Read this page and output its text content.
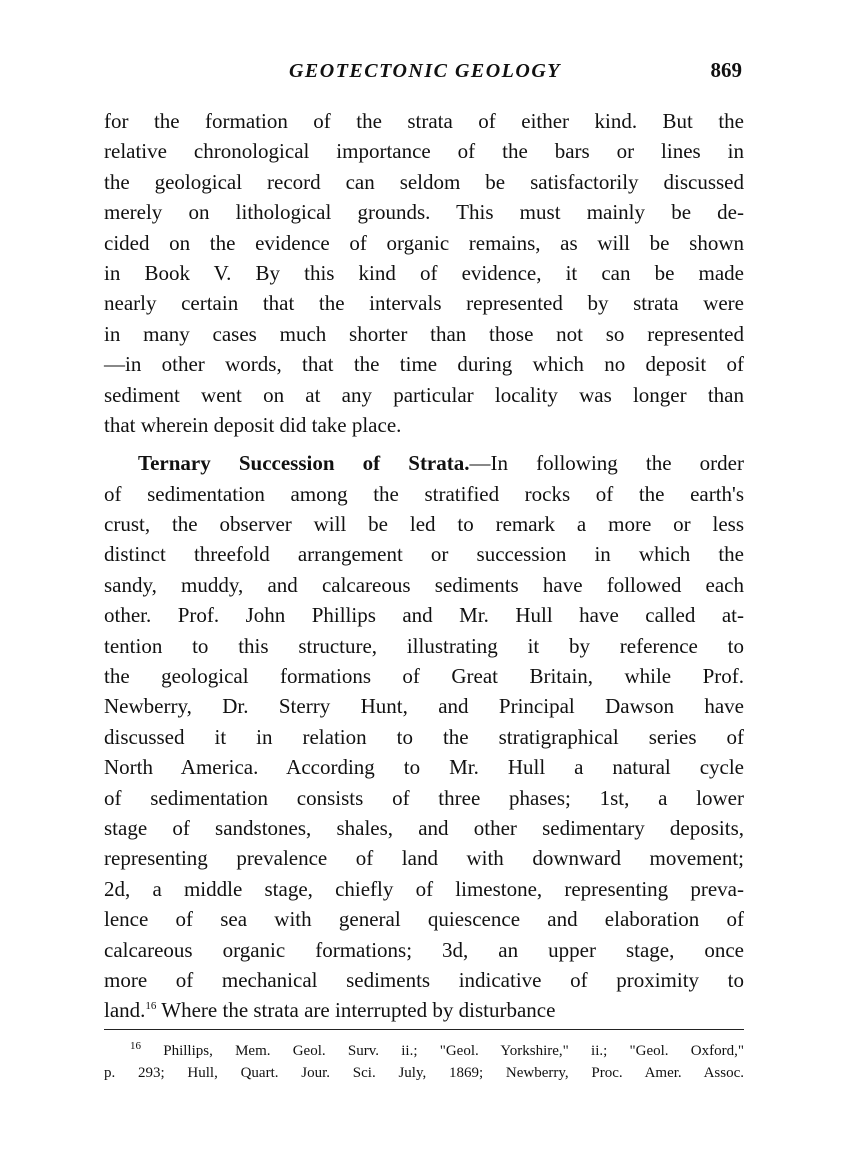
GEOTECTONIC GEOLOGY	869
for the formation of the strata of either kind. But the
relative chronological importance of the bars or lines in
the geological record can seldom be satisfactorily discussed
merely on lithological grounds. This must mainly be de-
cided on the evidence of organic remains, as will be shown
in Book V. By this kind of evidence, it can be made
nearly certain that the intervals represented by strata were
in many cases much shorter than those not so represented
—in other words, that the time during which no deposit of
sediment went on at any particular locality was longer than
that wherein deposit did take place.
Ternary Succession of Strata.—In following the order
of sedimentation among the stratified rocks of the earth's
crust, the observer will be led to remark a more or less
distinct threefold arrangement or succession in which the
sandy, muddy, and calcareous sediments have followed each
other. Prof. John Phillips and Mr. Hull have called at-
tention to this structure, illustrating it by reference to
the geological formations of Great Britain, while Prof.
Newberry, Dr. Sterry Hunt, and Principal Dawson have
discussed it in relation to the stratigraphical series of
North America. According to Mr. Hull a natural cycle
of sedimentation consists of three phases; 1st, a lower
stage of sandstones, shales, and other sedimentary deposits,
representing prevalence of land with downward movement;
2d, a middle stage, chiefly of limestone, representing preva-
lence of sea with general quiescence and elaboration of
calcareous organic formations; 3d, an upper stage, once
more of mechanical sediments indicative of proximity to
land.$^{16}$ Where the strata are interrupted by disturbance
$^{16}$ Phillips, Mem. Geol. Surv. ii.; "Geol. Yorkshire," ii.; "Geol. Oxford,"
p. 293; Hull, Quart. Jour. Sci. July, 1869; Newberry, Proc. Amer. Assoc.
